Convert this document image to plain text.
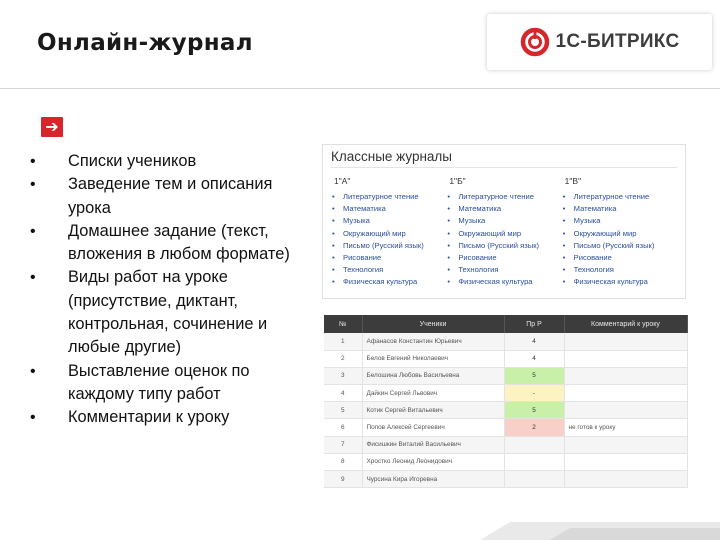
Онлайн-журнал	1С-БИТРИКС
➔
• Списки учеников
• Заведение тем и описания урока
• Домашнее задание (текст, вложения в любом формате)
• Виды работ на уроке (присутствие, диктант, контрольная, сочинение и любые другие)
• Выставление оценок по каждому типу работ
• Комментарии к уроку
Классные журналы
1"А"
• Литературное чтение
• Математика
• Музыка
• Окружающий мир
• Письмо (Русский язык)
• Рисование
• Технология
• Физическая культура
1"Б"
• Литературное чтение
• Математика
• Музыка
• Окружающий мир
• Письмо (Русский язык)
• Рисование
• Технология
• Физическая культура
1"В"
• Литературное чтение
• Математика
• Музыка
• Окружающий мир
• Письмо (Русский язык)
• Рисование
• Технология
• Физическая культура
№	Ученики	Пр Р	Комментарий к уроку
1	Афанасов Константин Юрьевич	4	
2	Белов Евгений Николаевич	4	
3	Белошина Любовь Васильевна	5	
4	Дайкин Сергей Львович	-	
5	Котик Сергей Витальевич	5	
6	Попов Алексей Сергеевич	2	не готов к уроку
7	Фисишкин Виталий Васильевич		
8	Хростко Леонид Леонидович		
9	Чурсина Кира Игоревна		
